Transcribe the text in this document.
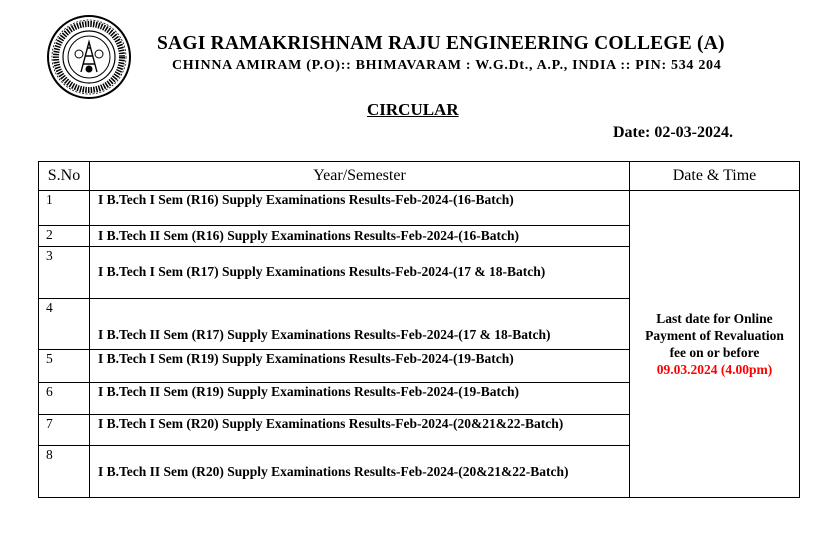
SAGI RAMAKRISHNAM RAJU ENGINEERING COLLEGE (A)
CHINNA AMIRAM (P.O):: BHIMAVARAM : W.G.Dt., A.P., INDIA :: PIN: 534 204
CIRCULAR
Date: 02-03-2024.
S.No	Year/Semester	Date & Time
1	I B.Tech I Sem (R16) Supply Examinations Results-Feb-2024-(16-Batch)	Last date for Online
Payment of Revaluation
fee on or before
09.03.2024 (4.00pm)

2	I B.Tech II Sem (R16) Supply Examinations Results-Feb-2024-(16-Batch)	
3	I B.Tech I Sem (R17) Supply Examinations Results-Feb-2024-(17 & 18-Batch)	
4	I B.Tech II Sem (R17) Supply Examinations Results-Feb-2024-(17 & 18-Batch)	
5	I B.Tech I Sem (R19) Supply Examinations Results-Feb-2024-(19-Batch)	
6	I B.Tech II Sem (R19) Supply Examinations Results-Feb-2024-(19-Batch)	
7	I B.Tech I Sem (R20) Supply Examinations Results-Feb-2024-(20&21&22-Batch)	
8	I B.Tech II Sem (R20) Supply Examinations Results-Feb-2024-(20&21&22-Batch)	
